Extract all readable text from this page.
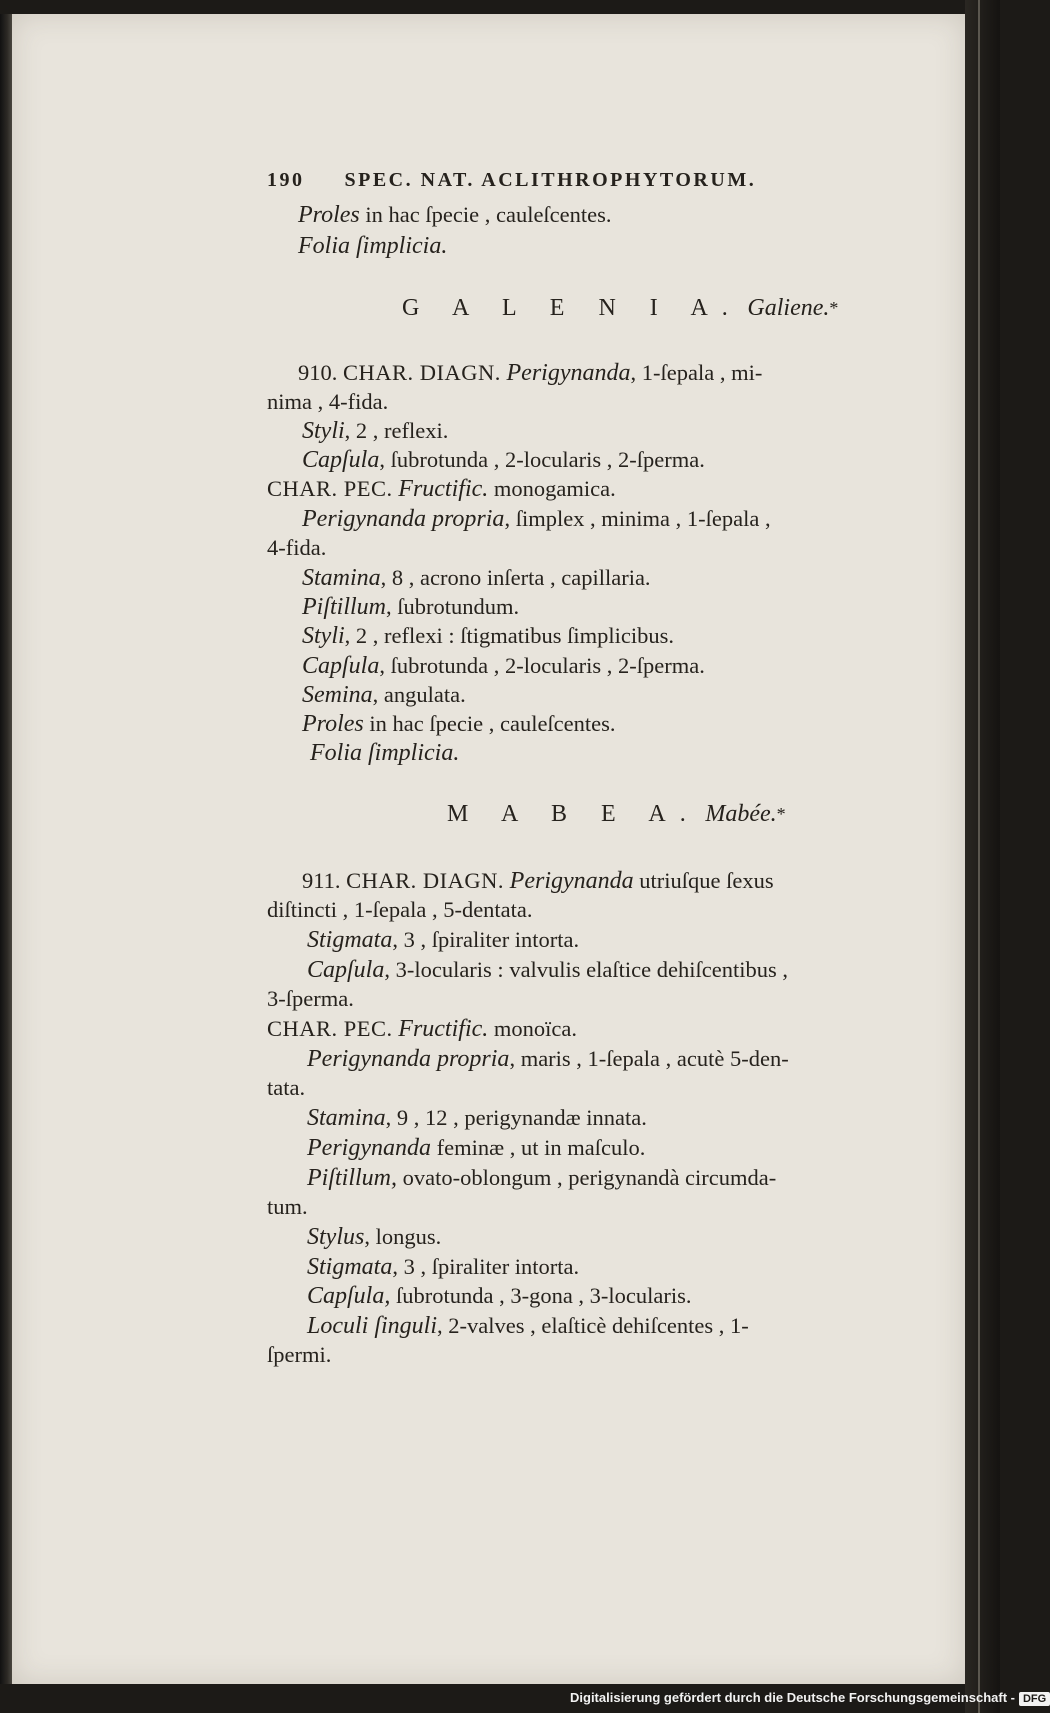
190 SPEC. NAT. ACLITHROPHYTORUM.
Proles in hac ſpecie , cauleſcentes.
Folia ſimplicia.
G A L E N I A. Galiene.*
910. CHAR. DIAGN. Perigynanda, 1-ſepala , mi-
nima , 4-fida.
Styli, 2 , reflexi.
Capſula, ſubrotunda , 2-locularis , 2-ſperma.
CHAR. PEC. Fructific. monogamica.
Perigynanda propria, ſimplex , minima , 1-ſepala ,
4-fida.
Stamina, 8 , acrono inſerta , capillaria.
Piſtillum, ſubrotundum.
Styli, 2 , reflexi : ſtigmatibus ſimplicibus.
Capſula, ſubrotunda , 2-locularis , 2-ſperma.
Semina, angulata.
Proles in hac ſpecie , cauleſcentes.
Folia ſimplicia.
M A B E A. Mabée.*
911. CHAR. DIAGN. Perigynanda utriuſque ſexus
diſtincti , 1-ſepala , 5-dentata.
Stigmata, 3 , ſpiraliter intorta.
Capſula, 3-locularis : valvulis elaſtice dehiſcentibus ,
3-ſperma.
CHAR. PEC. Fructific. monoïca.
Perigynanda propria, maris , 1-ſepala , acutè 5-den-
tata.
Stamina, 9 , 12 , perigynandæ innata.
Perigynanda feminæ , ut in maſculo.
Piſtillum, ovato-oblongum , perigynandà circumda-
tum.
Stylus, longus.
Stigmata, 3 , ſpiraliter intorta.
Capſula, ſubrotunda , 3-gona , 3-locularis.
Loculi ſinguli, 2-valves , elaſticè dehiſcentes , 1-
ſpermi.
Digitalisierung gefördert durch die Deutsche Forschungsgemeinschaft - DFG
